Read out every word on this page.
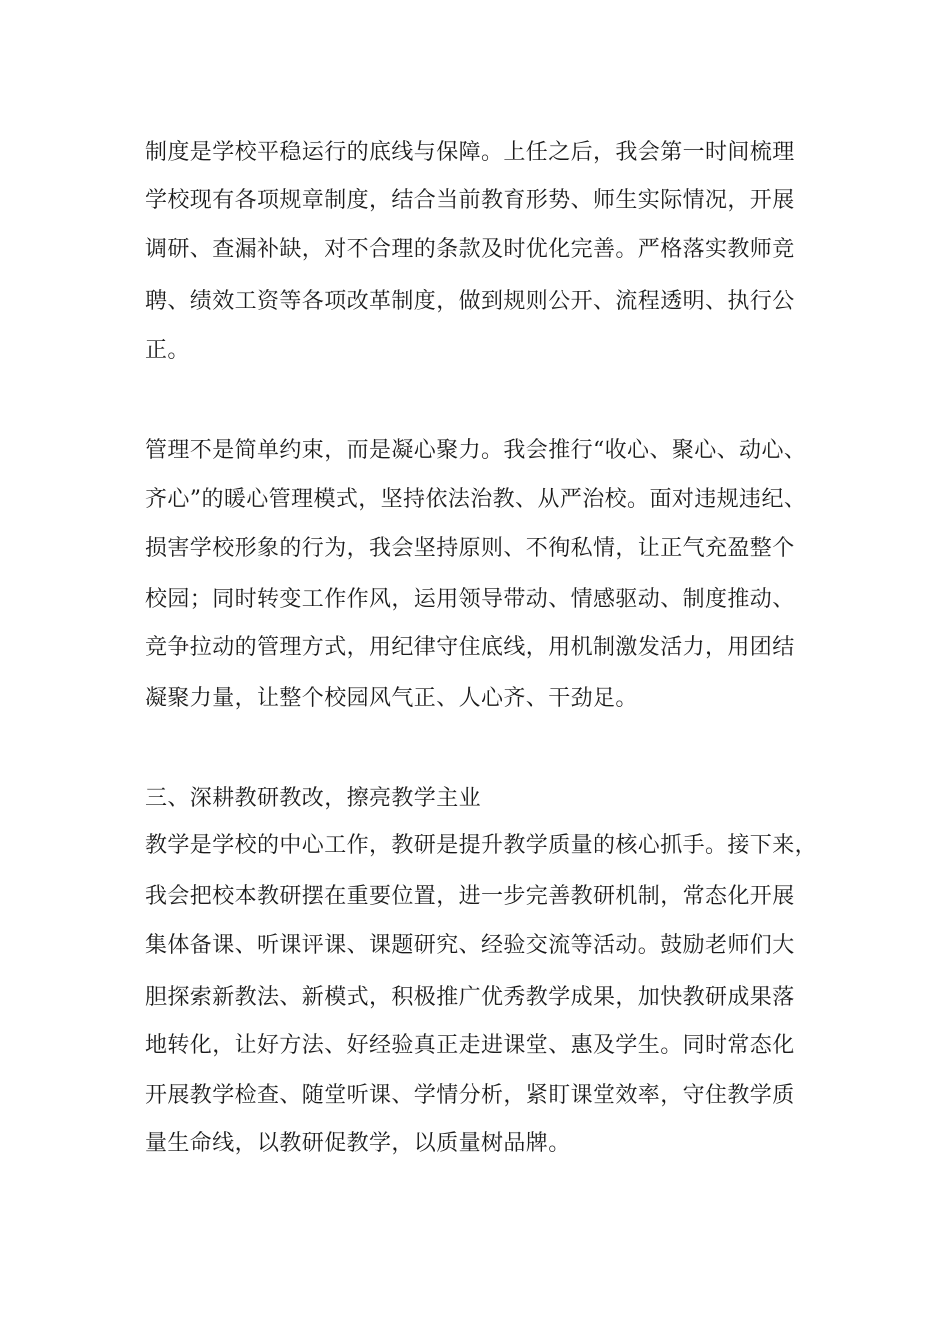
制度是学校平稳运行的底线与保障。上任之后，我会第一时间梳理

学校现有各项规章制度，结合当前教育形势、师生实际情况，开展

调研、查漏补缺，对不合理的条款及时优化完善。严格落实教师竞

聘、绩效工资等各项改革制度，做到规则公开、流程透明、执行公

正。

管理不是简单约束，而是凝心聚力。我会推行“收心、聚心、动心、

齐心”的暖心管理模式，坚持依法治教、从严治校。面对违规违纪、

损害学校形象的行为，我会坚持原则、不徇私情，让正气充盈整个

校园；同时转变工作作风，运用领导带动、情感驱动、制度推动、

竞争拉动的管理方式，用纪律守住底线，用机制激发活力，用团结

凝聚力量，让整个校园风气正、人心齐、干劲足。

三、深耕教研教改，擦亮教学主业

教学是学校的中心工作，教研是提升教学质量的核心抓手。接下来，

我会把校本教研摆在重要位置，进一步完善教研机制，常态化开展

集体备课、听课评课、课题研究、经验交流等活动。鼓励老师们大

胆探索新教法、新模式，积极推广优秀教学成果，加快教研成果落

地转化，让好方法、好经验真正走进课堂、惠及学生。同时常态化

开展教学检查、随堂听课、学情分析，紧盯课堂效率，守住教学质

量生命线，以教研促教学，以质量树品牌。
